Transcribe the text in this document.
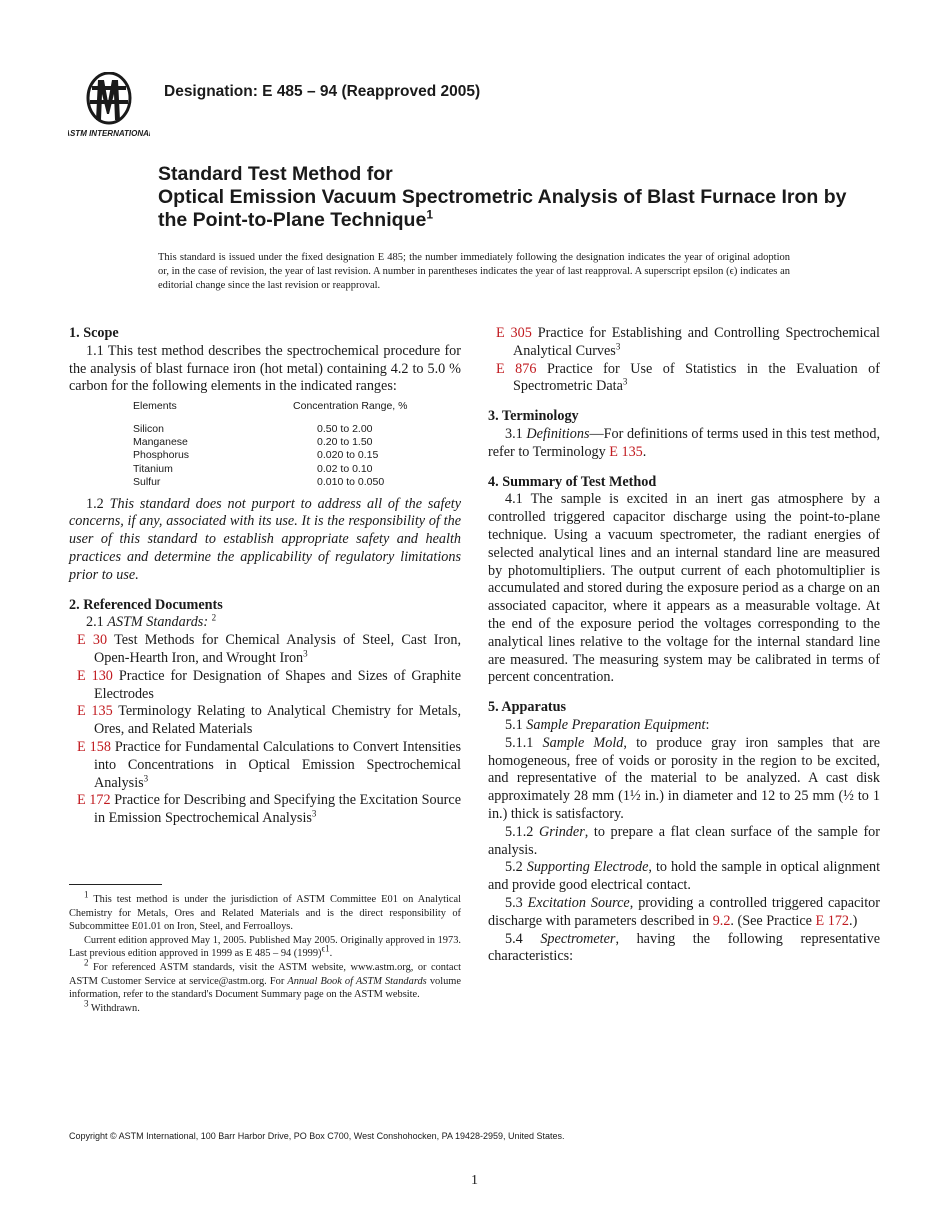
ASTM INTERNATIONAL
Designation: E 485 – 94 (Reapproved 2005)
Standard Test Method for
Optical Emission Vacuum Spectrometric Analysis of Blast Furnace Iron by the Point-to-Plane Technique$^1$
This standard is issued under the fixed designation E 485; the number immediately following the designation indicates the year of original adoption or, in the case of revision, the year of last revision. A number in parentheses indicates the year of last reapproval. A superscript epsilon (ϵ) indicates an editorial change since the last revision or reapproval.

1. Scope

1.1 This test method describes the spectrochemical procedure for the analysis of blast furnace iron (hot metal) containing 4.2 to 5.0 % carbon for the following elements in the indicated ranges:

Elements	Concentration Range, %

Silicon	0.50 to 2.00
Manganese	0.20 to 1.50
Phosphorus	0.020 to 0.15
Titanium	0.02 to 0.10
Sulfur	0.010 to 0.050

1.2 This standard does not purport to address all of the safety concerns, if any, associated with its use. It is the responsibility of the user of this standard to establish appropriate safety and health practices and determine the applicability of regulatory limitations prior to use.

2. Referenced Documents

2.1 ASTM Standards: $^2$

E 30 Test Methods for Chemical Analysis of Steel, Cast Iron, Open-Hearth Iron, and Wrought Iron$^3$

E 130 Practice for Designation of Shapes and Sizes of Graphite Electrodes

E 135 Terminology Relating to Analytical Chemistry for Metals, Ores, and Related Materials

E 158 Practice for Fundamental Calculations to Convert Intensities into Concentrations in Optical Emission Spectrochemical Analysis$^3$

E 172 Practice for Describing and Specifying the Excitation Source in Emission Spectrochemical Analysis$^3$

$^1$ This test method is under the jurisdiction of ASTM Committee E01 on Analytical Chemistry for Metals, Ores and Related Materials and is the direct responsibility of Subcommittee E01.01 on Iron, Steel, and Ferroalloys.

Current edition approved May 1, 2005. Published May 2005. Originally approved in 1973. Last previous edition approved in 1999 as E 485 – 94 $(1999)^{\epsilon 1}$.

$^2$ For referenced ASTM standards, visit the ASTM website, www.astm.org, or contact ASTM Customer Service at service@astm.org. For Annual Book of ASTM Standards volume information, refer to the standard's Document Summary page on the ASTM website.

$^3$ Withdrawn.

E 305 Practice for Establishing and Controlling Spectrochemical Analytical Curves$^3$

E 876 Practice for Use of Statistics in the Evaluation of Spectrometric Data$^3$

3. Terminology

3.1 Definitions—For definitions of terms used in this test method, refer to Terminology E 135.

4. Summary of Test Method

4.1 The sample is excited in an inert gas atmosphere by a controlled triggered capacitor discharge using the point-to-plane technique. Using a vacuum spectrometer, the radiant energies of selected analytical lines and an internal standard line are measured by photomultipliers. The output current of each photomultiplier is accumulated and stored during the exposure period as a charge on an associated capacitor, where it appears as a measurable voltage. At the end of the exposure period the voltages corresponding to the analytical lines relative to the voltage for the internal standard line are measured. The measuring system may be calibrated in terms of percent concentration.

5. Apparatus

5.1 Sample Preparation Equipment:

5.1.1 Sample Mold, to produce gray iron samples that are homogeneous, free of voids or porosity in the region to be excited, and representative of the material to be analyzed. A cast disk approximately 28 mm (1½ in.) in diameter and 12 to 25 mm (½ to 1 in.) thick is satisfactory.

5.1.2 Grinder, to prepare a flat clean surface of the sample for analysis.

5.2 Supporting Electrode, to hold the sample in optical alignment and provide good electrical contact.

5.3 Excitation Source, providing a controlled triggered capacitor discharge with parameters described in 9.2. (See Practice E 172.)

5.4 Spectrometer, having the following representative characteristics:

Copyright © ASTM International, 100 Barr Harbor Drive, PO Box C700, West Conshohocken, PA 19428-2959, United States.
1
